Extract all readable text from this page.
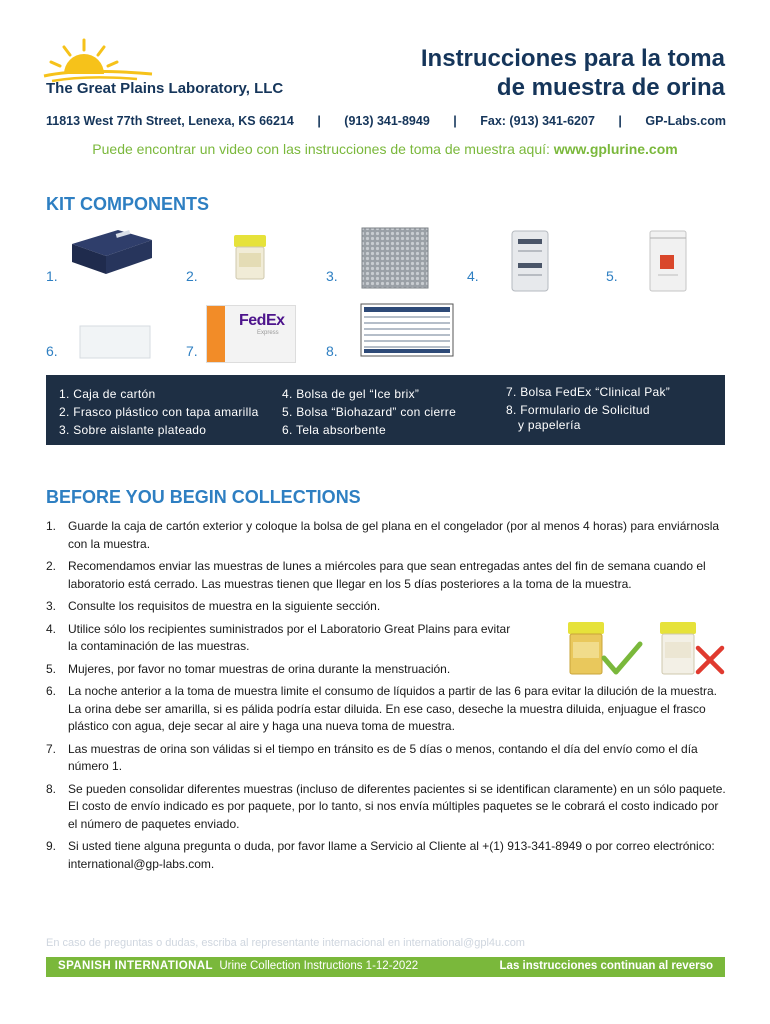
The Great Plains Laboratory, LLC
Instrucciones para la toma
de muestra de orina
11813 West 77th Street, Lenexa, KS 66214 | (913) 341-8949 | Fax: (913) 341-6207 | GP-Labs.com
Puede encontrar un video con las instrucciones de toma de muestra aquí: www.gplurine.com
KIT COMPONENTS
1.	2.	3.	4.	5.
6.	7.	8.
FedEx
Express
1. Caja de cartón
2. Frasco plástico con tapa amarilla
3. Sobre aislante plateado
4. Bolsa de gel “Ice brix”
5. Bolsa “Biohazard” con cierre
6. Tela absorbente
7. Bolsa FedEx “Clinical Pak”
8. Formulario de Solicitud
y papelería
BEFORE YOU BEGIN COLLECTIONS
1. Guarde la caja de cartón exterior y coloque la bolsa de gel plana en el congelador (por al menos 4 horas) para enviárnosla con la muestra.
2. Recomendamos enviar las muestras de lunes a miércoles para que sean entregadas antes del fin de semana cuando el laboratorio está cerrado. Las muestras tienen que llegar en los 5 días posteriores a la toma de la muestra.
3. Consulte los requisitos de muestra en la siguiente sección.
4. Utilice sólo los recipientes suministrados por el Laboratorio Great Plains para evitar la contaminación de las muestras.
5. Mujeres, por favor no tomar muestras de orina durante la menstruación.
6. La noche anterior a la toma de muestra limite el consumo de líquidos a partir de las 6 para evitar la dilución de la muestra. La orina debe ser amarilla, si es pálida podría estar diluida. En ese caso, deseche la muestra diluida, enjuague el frasco plástico con agua, deje secar al aire y haga una nueva toma de muestra.
7. Las muestras de orina son válidas si el tiempo en tránsito es de 5 días o menos, contando el día del envío como el día número 1.
8. Se pueden consolidar diferentes muestras (incluso de diferentes pacientes si se identifican claramente) en un sólo paquete. El costo de envío indicado es por paquete, por lo tanto, si nos envía múltiples paquetes se le cobrará el costo indicado por el número de paquetes enviado.
9. Si usted tiene alguna pregunta o duda, por favor llame a Servicio al Cliente al +(1) 913-341-8949 o por correo electrónico: international@gp-labs.com.
En caso de preguntas o dudas, escriba al representante internacional en international@gpl4u.com
SPANISH INTERNATIONAL Urine Collection Instructions 1-12-2022	Las instrucciones continuan al reverso
